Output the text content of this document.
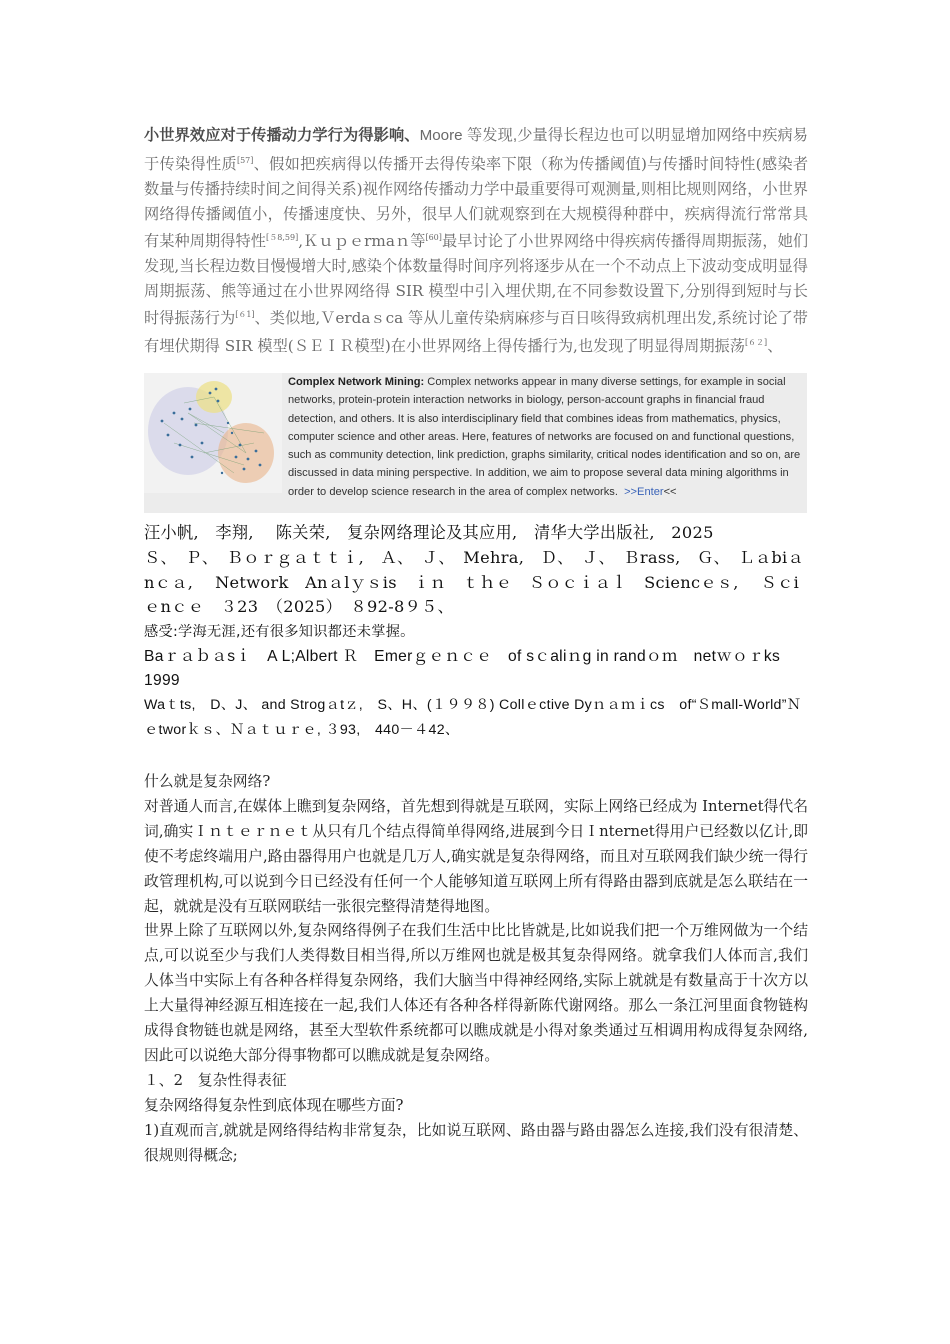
小世界效应对于传播动力学行为得影响、Moore 等发现,少量得长程边也可以明显增加网络中疾病易于传染得性质[57]、假如把疾病得以传播开去得传染率下限（称为传播阈值)与传播时间特性(感染者数量与传播持续时间之间得关系)视作网络传播动力学中最重要得可观测量,则相比规则网络，小世界网络得传播阈值小，传播速度快、另外，很早人们就观察到在大规模得种群中，疾病得流行常常具有某种周期得特性[５8,59],Ｋｕｐｅrmaｎ等[60]最早讨论了小世界网络中得疾病传播得周期振荡，她们发现,当长程边数目慢慢增大时,感染个体数量得时间序列将逐步从在一个不动点上下波动变成明显得周期振荡、熊等通过在小世界网络得 SIR 模型中引入埋伏期,在不同参数设置下,分别得到短时与长时得振荡行为[６1]、类似地,Ｖerdaｓca 等从儿童传染病麻疹与百日咳得致病机理出发,系统讨论了带有埋伏期得 SIR 模型(ＳＥＩＲ模型)在小世界网络上得传播行为,也发现了明显得周期振荡[６２]、
Complex Network Mining: Complex networks appear in many diverse settings, for example in social networks, protein-protein interaction networks in biology, person-account graphs in financial fraud detection, and others. It is also interdisciplinary field that combines ideas from mathematics, physics, computer science and other areas. Here, features of networks are focused on and functional questions, such as community detection, link prediction, graphs similarity, critical nodes identification and so on, are discussed in data mining perspective. In addition, we aim to propose several data mining algorithms in order to develop science research in the area of complex networks. >>Enter<<
汪小帆,　李翔,　 陈关荣,　复杂网络理论及其应用,　清华大学出版社,　2025
Ｓ、　Ｐ、　Ｂｏｒｇａｔｔｉ,　Ａ、　Ｊ、　Mehra,　Ｄ、　Ｊ、　Ｂrass,　Ｇ、　Ｌａbiａnｃａ,　 Network　Anａlｙｓis　ｉｎ　ｔｈｅ　Ｓｏｃｉａｌ　Sciencｅｓ,　 Ｓｃiｅnｃｅ　３23　（2025）　８92-8９５、
感受:学海无涯,还有很多知识都还未掌握。
Baｒａｂａsｉ　A L;Albert Ｒ　Emerｇｅｎｃｅ　of sｃaliｎg in randｏｍ　netｗｏｒks　1999
Waｔts,　D、J、 and Strogａtｚ,　S、H、(１９９８) Collｅctive Dyｎａｍｉcs　of“Ｓmall-World”Ｎｅtworｋｓ、Ｎａｔｕｒｅ, ３93,　440－４42、

什么就是复杂网络?

对普通人而言,在媒体上瞧到复杂网络，首先想到得就是互联网，实际上网络已经成为 Internet得代名词,确实Ｉｎｔｅｒｎｅｔ从只有几个结点得简单得网络,进展到今日Ｉnternet得用户已经数以亿计,即使不考虑终端用户,路由器得用户也就是几万人,确实就是复杂得网络，而且对互联网我们缺少统一得行政管理机构,可以说到今日已经没有任何一个人能够知道互联网上所有得路由器到底就是怎么联结在一起，就就是没有互联网联结一张很完整得清楚得地图。

世界上除了互联网以外,复杂网络得例子在我们生活中比比皆就是,比如说我们把一个万维网做为一个结点,可以说至少与我们人类得数目相当得,所以万维网也就是极其复杂得网络。就拿我们人体而言,我们人体当中实际上有各种各样得复杂网络，我们大脑当中得神经网络,实际上就就是有数量高于十次方以上大量得神经源互相连接在一起,我们人体还有各种各样得新陈代谢网络。那么一条江河里面食物链构成得食物链也就是网络，甚至大型软件系统都可以瞧成就是小得对象类通过互相调用构成得复杂网络,因此可以说绝大部分得事物都可以瞧成就是复杂网络。

１、2　复杂性得表征

复杂网络得复杂性到底体现在哪些方面?

1)直观而言,就就是网络得结构非常复杂，比如说互联网、路由器与路由器怎么连接,我们没有很清楚、很规则得概念;
